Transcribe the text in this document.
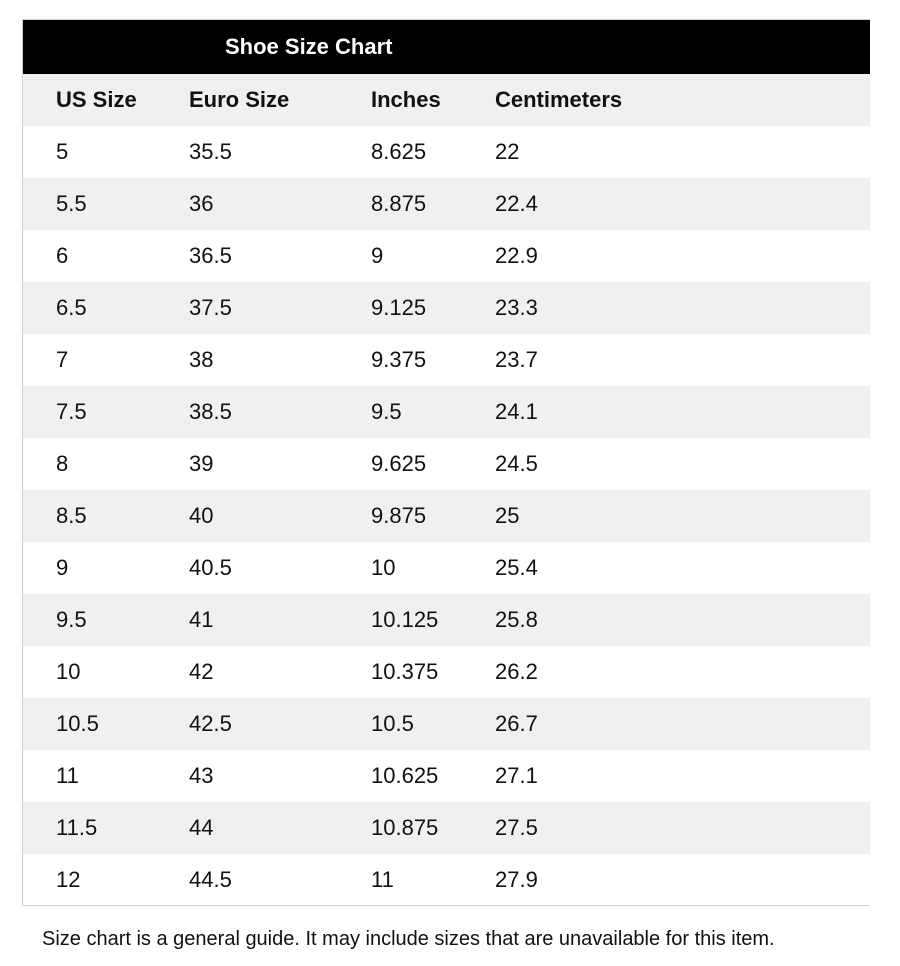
Shoe Size Chart
US Size	Euro Size	Inches	Centimeters
5	35.5	8.625	22
5.5	36	8.875	22.4
6	36.5	9	22.9
6.5	37.5	9.125	23.3
7	38	9.375	23.7
7.5	38.5	9.5	24.1
8	39	9.625	24.5
8.5	40	9.875	25
9	40.5	10	25.4
9.5	41	10.125	25.8
10	42	10.375	26.2
10.5	42.5	10.5	26.7
11	43	10.625	27.1
11.5	44	10.875	27.5
12	44.5	11	27.9
Size chart is a general guide. It may include sizes that are unavailable for this item.
